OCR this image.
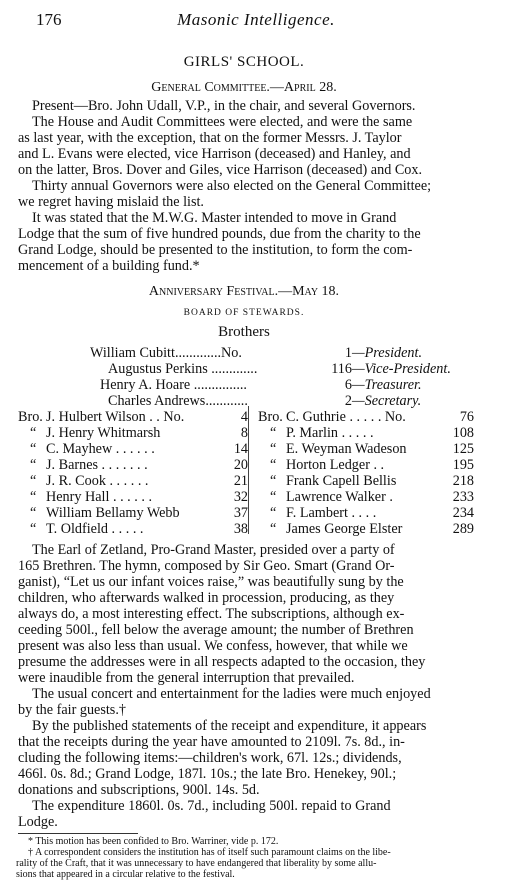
176	Masonic Intelligence.
GIRLS' SCHOOL.
General Committee.—April 28.
Present—Bro. John Udall, V.P., in the chair, and several Governors.
The House and Audit Committees were elected, and were the same
as last year, with the exception, that on the former Messrs. J. Taylor
and L. Evans were elected, vice Harrison (deceased) and Hanley, and
on the latter, Bros. Dover and Giles, vice Harrison (deceased) and Cox.
Thirty annual Governors were also elected on the General Committee;
we regret having mislaid the list.
It was stated that the M.W.G. Master intended to move in Grand
Lodge that the sum of five hundred pounds, due from the charity to the
Grand Lodge, should be presented to the institution, to form the com-
mencement of a building fund.*
Anniversary Festival.—May 18.
BOARD OF STEWARDS.
Brothers
William Cubitt.............No.	1—President.
Augustus Perkins .............	116—Vice-President.
Henry A. Hoare ...............	6—Treasurer.
Charles Andrews............	2—Secretary.
Bro. J. Hulbert Wilson . . No.	4
“ J. Henry Whitmarsh	8
“ C. Mayhew . . . . . .	14
“ J. Barnes . . . . . . .	20
“ J. R. Cook . . . . . .	21
“ Henry Hall . . . . . .	32
“ William Bellamy Webb	37
“ T. Oldfield . . . . .	38
Bro. C. Guthrie . . . . . No.	76
“ P. Marlin . . . . .	108
“ E. Weyman Wadeson	125
“ Horton Ledger . .	195
“ Frank Capell Bellis	218
“ Lawrence Walker .	233
“ F. Lambert . . . .	234
“ James George Elster	289
The Earl of Zetland, Pro-Grand Master, presided over a party of
165 Brethren. The hymn, composed by Sir Geo. Smart (Grand Or-
ganist), “Let us our infant voices raise,” was beautifully sung by the
children, who afterwards walked in procession, producing, as they
always do, a most interesting effect. The subscriptions, although ex-
ceeding 500l., fell below the average amount; the number of Brethren
present was also less than usual. We confess, however, that while we
presume the addresses were in all respects adapted to the occasion, they
were inaudible from the general interruption that prevailed.
The usual concert and entertainment for the ladies were much enjoyed
by the fair guests.†
By the published statements of the receipt and expenditure, it appears
that the receipts during the year have amounted to 2109l. 7s. 8d., in-
cluding the following items:—children's work, 67l. 12s.; dividends,
466l. 0s. 8d.; Grand Lodge, 187l. 10s.; the late Bro. Henekey, 90l.;
donations and subscriptions, 900l. 14s. 5d.
The expenditure 1860l. 0s. 7d., including 500l. repaid to Grand
Lodge.
* This motion has been confided to Bro. Warriner, vide p. 172.
† A correspondent considers the institution has of itself such paramount claims on the libe-
rality of the Craft, that it was unnecessary to have endangered that liberality by some allu-
sions that appeared in a circular relative to the festival.
